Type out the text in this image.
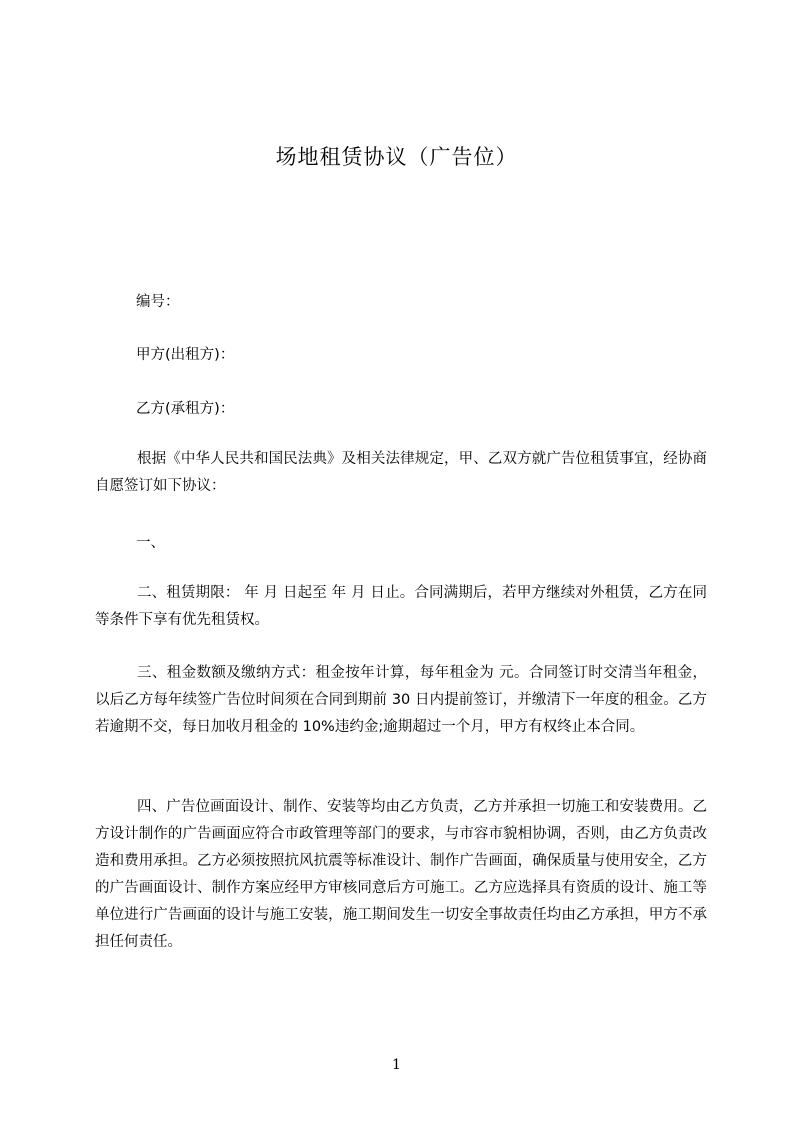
场地租赁协议（广告位）
编号：
甲方(出租方)：
乙方(承租方)：
根据《中华人民共和国民法典》及相关法律规定，甲、乙双方就广告位租赁事宜，经协商自愿签订如下协议：
一、
二、租赁期限： 年 月 日起至 年 月 日止。合同满期后，若甲方继续对外租赁，乙方在同等条件下享有优先租赁权。
三、租金数额及缴纳方式：租金按年计算，每年租金为 元。合同签订时交清当年租金，以后乙方每年续签广告位时间须在合同到期前 30 日内提前签订，并缴清下一年度的租金。乙方若逾期不交，每日加收月租金的 10%违约金;逾期超过一个月，甲方有权终止本合同。
四、广告位画面设计、制作、安装等均由乙方负责，乙方并承担一切施工和安装费用。乙方设计制作的广告画面应符合市政管理等部门的要求，与市容市貌相协调，否则，由乙方负责改造和费用承担。乙方必须按照抗风抗震等标准设计、制作广告画面，确保质量与使用安全，乙方的广告画面设计、制作方案应经甲方审核同意后方可施工。乙方应选择具有资质的设计、施工等单位进行广告画面的设计与施工安装，施工期间发生一切安全事故责任均由乙方承担，甲方不承担任何责任。
1
